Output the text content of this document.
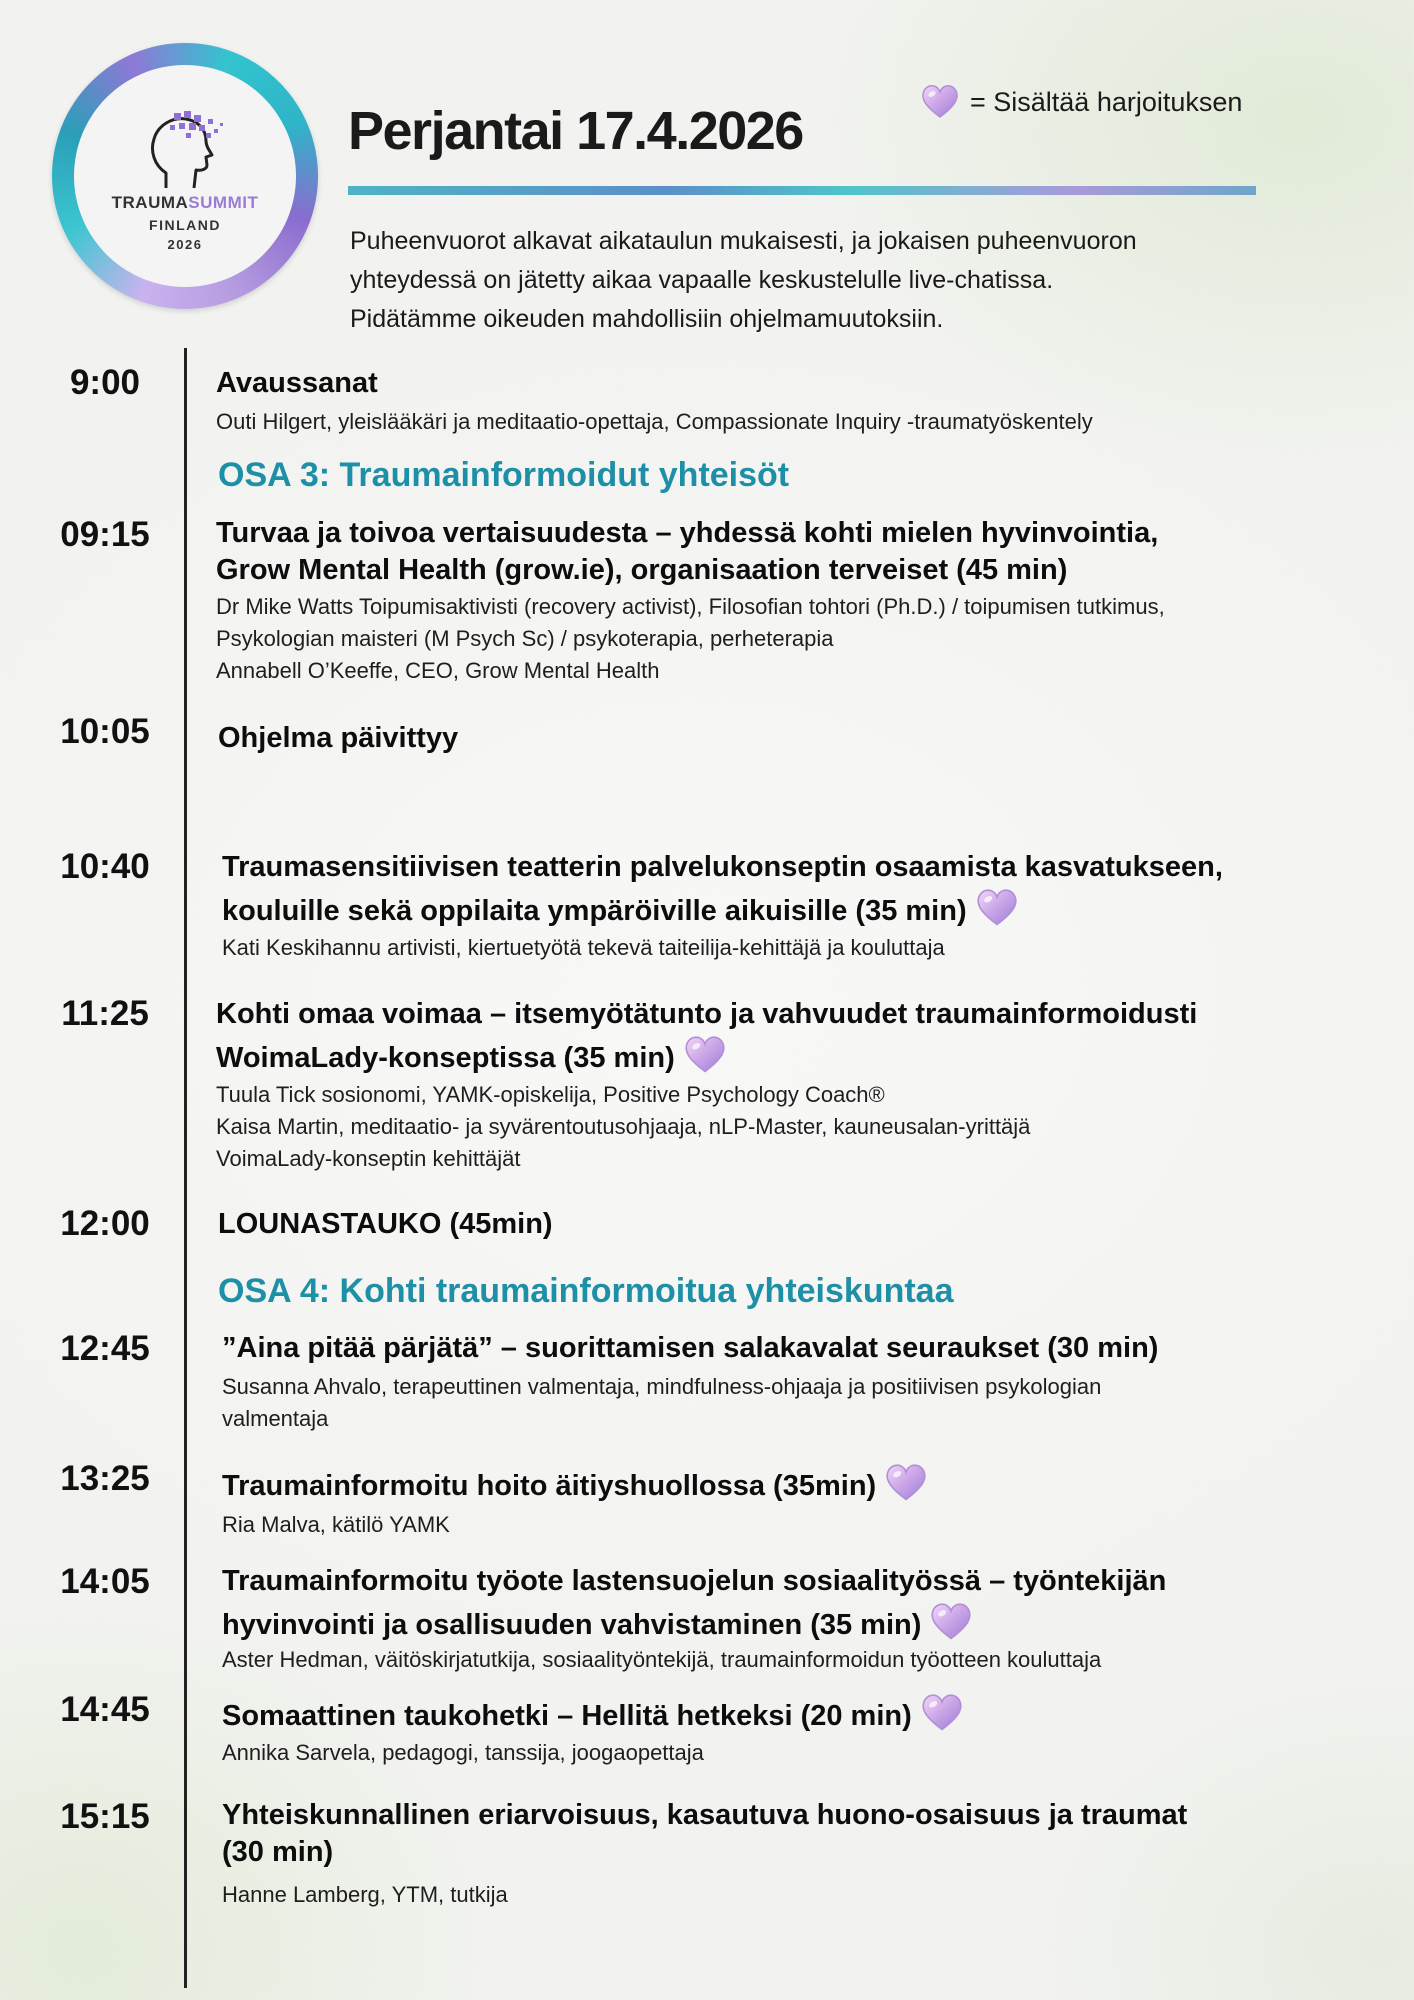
TRAUMASUMMIT
FINLAND
2026
= Sisältää harjoituksen
Perjantai 17.4.2026
Puheenvuorot alkavat aikataulun mukaisesti, ja jokaisen puheenvuoron
yhteydessä on jätetty aikaa vapaalle keskustelulle live-chatissa.
Pidätämme oikeuden mahdollisiin ohjelmamuutoksiin.
9:00	Avaussanat
Outi Hilgert, yleislääkäri ja meditaatio-opettaja, Compassionate Inquiry -traumatyöskentely
OSA 3: Traumainformoidut yhteisöt
09:15	Turvaa ja toivoa vertaisuudesta – yhdessä kohti mielen hyvinvointia,
Grow Mental Health (grow.ie), organisaation terveiset (45 min)
Dr Mike Watts Toipumisaktivisti (recovery activist), Filosofian tohtori (Ph.D.) / toipumisen tutkimus,
Psykologian maisteri (M Psych Sc) / psykoterapia, perheterapia
Annabell O’Keeffe, CEO, Grow Mental Health
10:05	Ohjelma päivittyy
10:40	Traumasensitiivisen teatterin palvelukonseptin osaamista kasvatukseen,
kouluille sekä oppilaita ympäröiville aikuisille (35 min)
Kati Keskihannu artivisti, kiertuetyötä tekevä taiteilija-kehittäjä ja kouluttaja
11:25	Kohti omaa voimaa – itsemyötätunto ja vahvuudet traumainformoidusti
WoimaLady-konseptissa (35 min)
Tuula Tick sosionomi, YAMK-opiskelija, Positive Psychology Coach®
Kaisa Martin, meditaatio- ja syvärentoutusohjaaja, nLP-Master, kauneusalan-yrittäjä
VoimaLady-konseptin kehittäjät
12:00	LOUNASTAUKO (45min)
OSA 4: Kohti traumainformoitua yhteiskuntaa
12:45	”Aina pitää pärjätä” – suorittamisen salakavalat seuraukset (30 min)
Susanna Ahvalo, terapeuttinen valmentaja, mindfulness-ohjaaja ja positiivisen psykologian
valmentaja
13:25	Traumainformoitu hoito äitiyshuollossa (35min)
Ria Malva, kätilö YAMK
14:05	Traumainformoitu työote lastensuojelun sosiaalityössä – työntekijän
hyvinvointi ja osallisuuden vahvistaminen (35 min)
Aster Hedman, väitöskirjatutkija, sosiaalityöntekijä, traumainformoidun työotteen kouluttaja
14:45	Somaattinen taukohetki – Hellitä hetkeksi (20 min)
Annika Sarvela, pedagogi, tanssija, joogaopettaja
15:15	Yhteiskunnallinen eriarvoisuus, kasautuva huono-osaisuus ja traumat
(30 min)
Hanne Lamberg, YTM, tutkija
